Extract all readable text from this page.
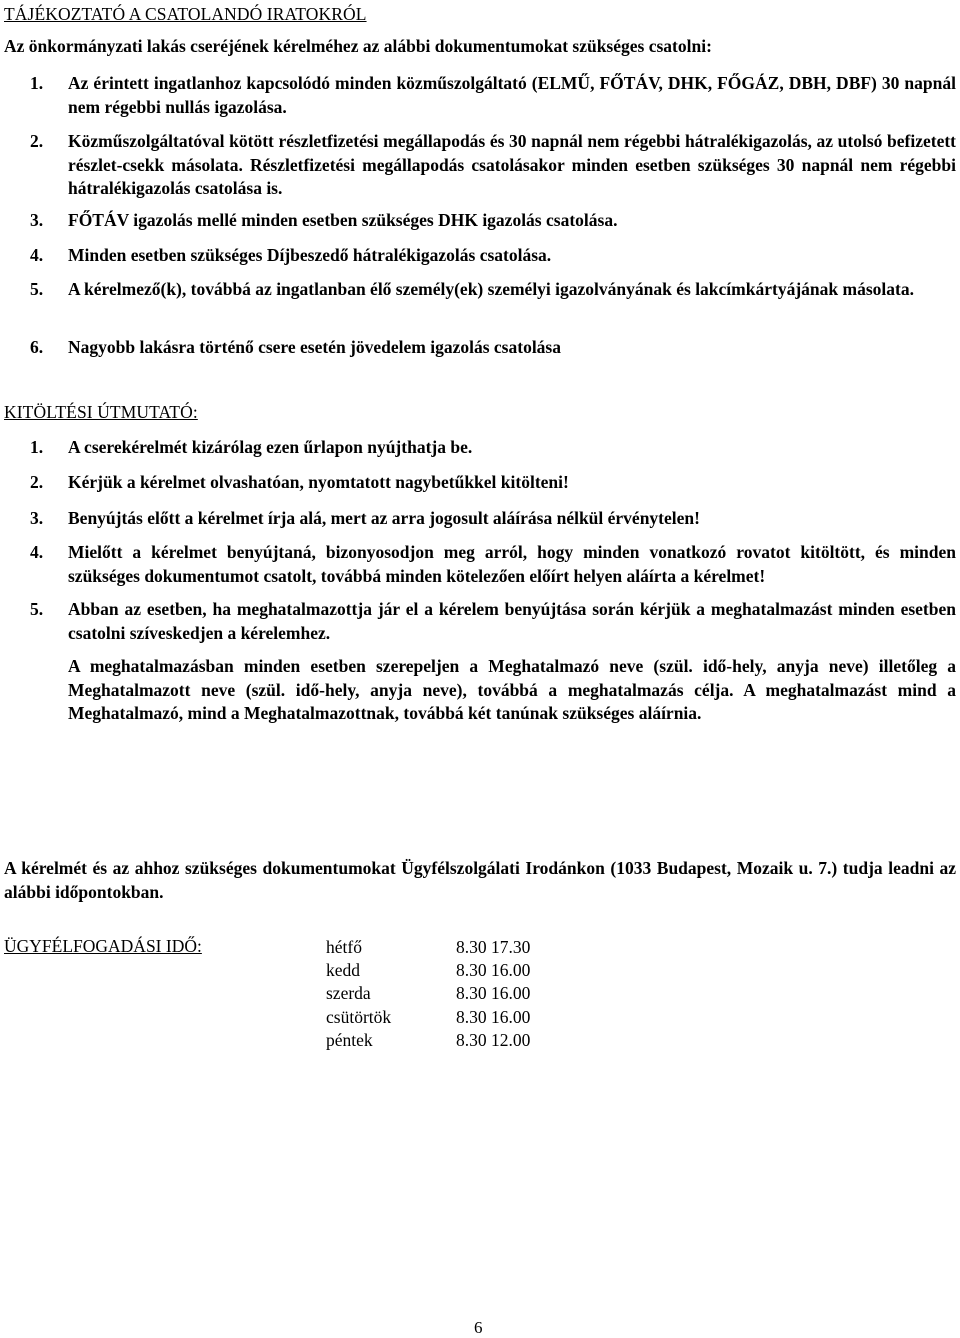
TÁJÉKOZTATÓ A CSATOLANDÓ IRATOKRÓL
Az önkormányzati lakás cseréjének kérelméhez az alábbi dokumentumokat szükséges csatolni:
1.	Az érintett ingatlanhoz kapcsolódó minden közműszolgáltató (ELMŰ, FŐTÁV, DHK, FŐGÁZ, DBH, DBF) 30 napnál nem régebbi nullás igazolása.
2.	Közműszolgáltatóval kötött részletfizetési megállapodás és 30 napnál nem régebbi hátralékigazolás, az utolsó befizetett részlet-csekk másolata. Részletfizetési megállapodás csatolásakor minden esetben szükséges 30 napnál nem régebbi hátralékigazolás csatolása is.
3.	FŐTÁV igazolás mellé minden esetben szükséges DHK igazolás csatolása.
4.	Minden esetben szükséges Díjbeszedő hátralékigazolás csatolása.
5.	A kérelmező(k), továbbá az ingatlanban élő személy(ek) személyi igazolványának és lakcímkártyájának másolata.
6.	Nagyobb lakásra történő csere esetén jövedelem igazolás csatolása
KITÖLTÉSI ÚTMUTATÓ:
1.	A cserekérelmét kizárólag ezen űrlapon nyújthatja be.
2.	Kérjük a kérelmet olvashatóan, nyomtatott nagybetűkkel kitölteni!
3.	Benyújtás előtt a kérelmet írja alá, mert az arra jogosult aláírása nélkül érvénytelen!
4.	Mielőtt a kérelmet benyújtaná, bizonyosodjon meg arról, hogy minden vonatkozó rovatot kitöltött, és minden szükséges dokumentumot csatolt, továbbá minden kötelezően előírt helyen aláírta a kérelmet!
5.	Abban az esetben, ha meghatalmazottja jár el a kérelem benyújtása során kérjük a meghatalmazást minden esetben csatolni szíveskedjen a kérelemhez.
A meghatalmazásban minden esetben szerepeljen a Meghatalmazó neve (szül. idő-hely, anyja neve) illetőleg a Meghatalmazott neve (szül. idő-hely, anyja neve), továbbá a meghatalmazás célja. A meghatalmazást mind a Meghatalmazó, mind a Meghatalmazottnak, továbbá két tanúnak szükséges aláírnia.
A kérelmét és az ahhoz szükséges dokumentumokat Ügyfélszolgálati Irodánkon (1033 Budapest, Mozaik u. 7.) tudja leadni az alábbi időpontokban.
ÜGYFÉLFOGADÁSI IDŐ:	hétfő	8.30 17.30
kedd	8.30 16.00
szerda	8.30 16.00
csütörtök	8.30 16.00
péntek	8.30 12.00
6
